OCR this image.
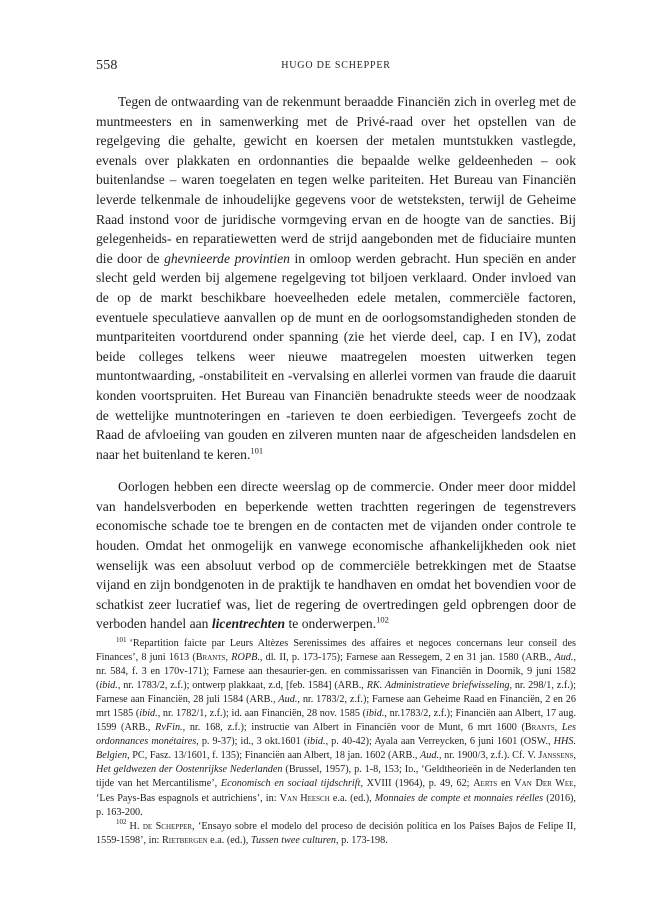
558	HUGO DE SCHEPPER

Tegen de ontwaarding van de rekenmunt beraadde Financiën zich in overleg met de muntmeesters en in samenwerking met de Privé-raad over het opstellen van de regelgeving die gehalte, gewicht en koersen der metalen muntstukken vastlegde, evenals over plakkaten en ordonnanties die bepaalde welke geldeenheden – ook buitenlandse – waren toegelaten en tegen welke pariteiten. Het Bureau van Financiën leverde telkenmale de inhoudelijke gegevens voor de wetsteksten, terwijl de Geheime Raad instond voor de juridische vormgeving ervan en de hoogte van de sancties. Bij gelegenheids- en reparatiewetten werd de strijd aangebonden met de fiduciaire munten die door de ghevnieerde provintien in omloop werden gebracht. Hun speciën en ander slecht geld werden bij algemene regelgeving tot biljoen verklaard. Onder invloed van de op de markt beschikbare hoeveelheden edele metalen, commerciële factoren, eventuele speculatieve aanvallen op de munt en de oorlogsomstandigheden stonden de muntpariteiten voortdurend onder spanning (zie het vierde deel, cap. I en IV), zodat beide colleges telkens weer nieuwe maatregelen moesten uitwerken tegen muntontwaarding, -onstabiliteit en -vervalsing en allerlei vormen van fraude die daaruit konden voortspruiten. Het Bureau van Financiën benadrukte steeds weer de noodzaak de wettelijke muntnoteringen en -tarieven te doen eerbiedigen. Tevergeefs zocht de Raad de afvloeiing van gouden en zilveren munten naar de afgescheiden landsdelen en naar het buitenland te keren.$^{101}$

Oorlogen hebben een directe weerslag op de commercie. Onder meer door middel van handelsverboden en beperkende wetten trachtten regeringen de tegenstrevers economische schade toe te brengen en de contacten met de vijanden onder controle te houden. Omdat het onmogelijk en vanwege economische afhankelijkheden ook niet wenselijk was een absoluut verbod op de commerciële betrekkingen met de Staatse vijand en zijn bondgenoten in de praktijk te handhaven en omdat het bovendien voor de schatkist zeer lucratief was, liet de regering de overtredingen geld opbrengen door de verboden handel aan licentrechten te onderwerpen.$^{102}$

$^{101}$ ‘Repartition faicte par Leurs Altèzes Serenissimes des affaires et negoces concernans leur conseil des Finances’, 8 juni 1613 (Brants, ROPB., dl. II, p. 173-175); Farnese aan Ressegem, 2 en 31 jan. 1580 (ARB., Aud., nr. 584, f. 3 en 170v-171); Farnese aan thesaurier-gen. en commissarissen van Financiën in Doornik, 9 juni 1582 (ibid., nr. 1783/2, z.f.); ontwerp plakkaat, z.d, [feb. 1584] (ARB., RK. Administratieve briefwisseling, nr. 298/1, z.f.); Farnese aan Financiën, 28 juli 1584 (ARB., Aud., nr. 1783/2, z.f.); Farnese aan Geheime Raad en Financiën, 2 en 26 mrt 1585 (ibid., nr. 1782/1, z.f.); id. aan Financiën, 28 nov. 1585 (ibid., nr.1783/2, z.f.); Financiën aan Albert, 17 aug. 1599 (ARB., RvFin., nr. 168, z.f.); instructie van Albert in Financiën voor de Munt, 6 mrt 1600 (Brants, Les ordonnances monétaires, p. 9-37); id., 3 okt.1601 (ibid., p. 40-42); Ayala aan Verreycken, 6 juni 1601 (OSW., HHS. Belgien, PC, Fasz. 13/1601, f. 135); Financiën aan Albert, 18 jan. 1602 (ARB., Aud., nr. 1900/3, z.f.). Cf. V. Janssens, Het geldwezen der Oostenrijkse Nederlanden (Brussel, 1957), p. 1-8, 153; Id., ‘Geldtheorieën in de Nederlanden ten tijde van het Mercantilisme’, Economisch en sociaal tijdschrift, XVIII (1964), p. 49, 62; Aerts en Van Der Wee, ‘Les Pays-Bas espagnols et autrichiens’, in: Van Heesch e.a. (ed.), Monnaies de compte et monnaies réelles (2016), p. 163-200.

$^{102}$ H. de Schepper, ‘Ensayo sobre el modelo del proceso de decisión política en los Países Bajos de Felipe II, 1559-1598’, in: Rietbergen e.a. (ed.), Tussen twee culturen, p. 173-198.
